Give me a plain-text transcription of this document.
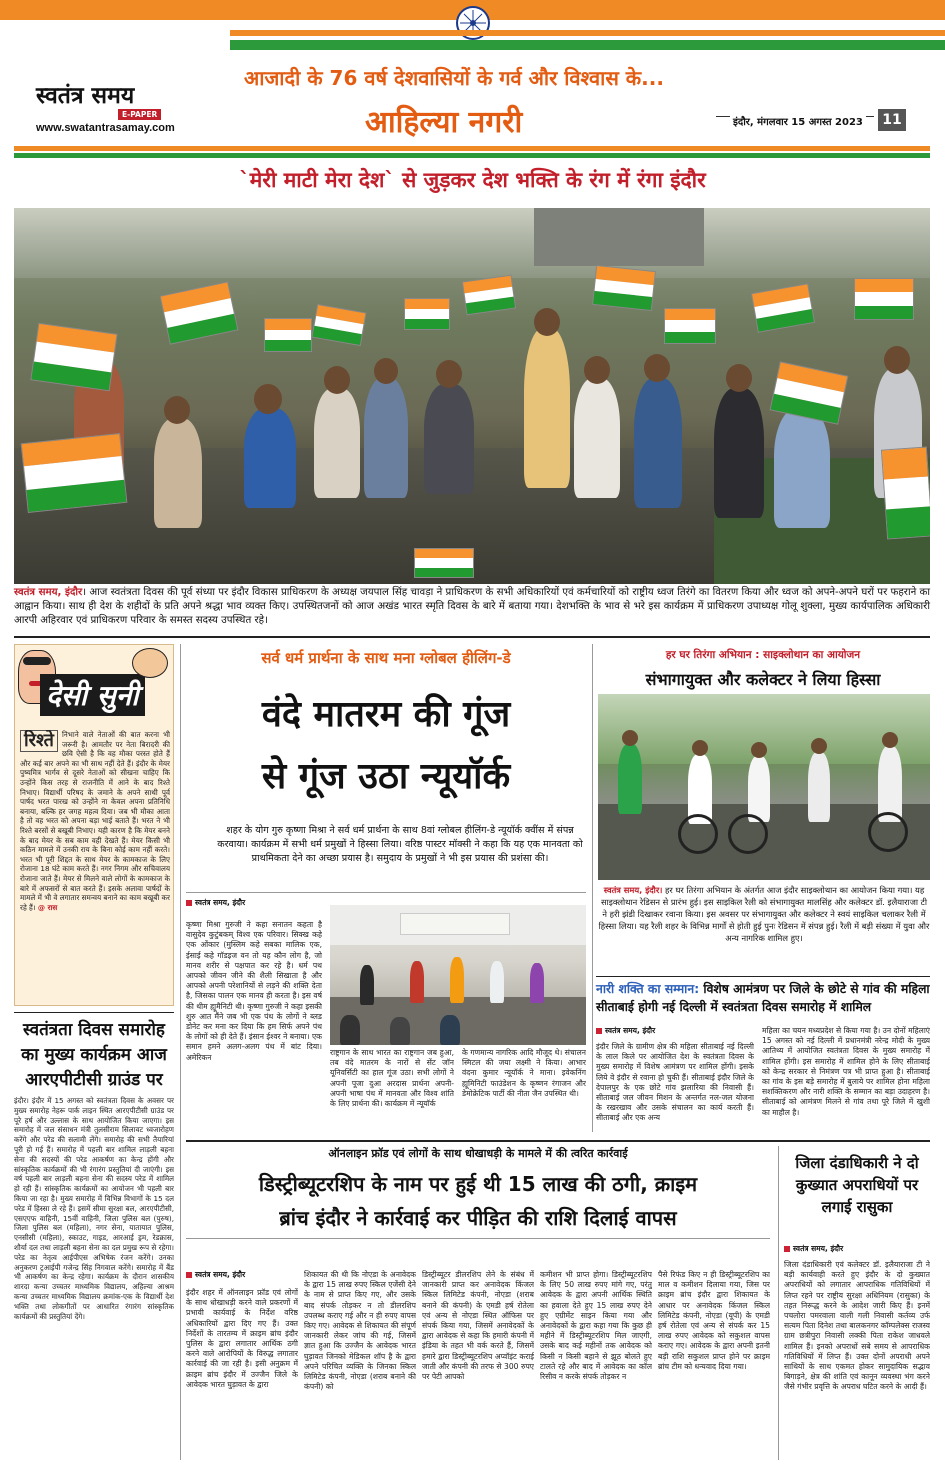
स्वतंत्र समय
E-PAPER
www.swatantrasamay.com
आजादी के 76 वर्ष देशवासियों के गर्व और विश्वास के...
आहिल्या नगरी	इंदौर, मंगलवार 15 अगस्त 2023	11
`मेरी माटी मेरा देश` से जुड़कर देश भक्ति के रंग में रंगा इंदौर
स्वतंत्र समय, इंदौर। आज स्वतंत्रता दिवस की पूर्व संध्या पर इंदौर विकास प्राधिकरण के अध्यक्ष जयपाल सिंह चावड़ा ने प्राधिकरण के सभी अधिकारियों एवं कर्मचारियों को राष्ट्रीय ध्वज तिरंगे का वितरण किया और ध्वज को अपने-अपने घरों पर फहराने का आह्वान किया। साथ ही देश के शहीदों के प्रति अपने श्रद्धा भाव व्यक्त किए। उपस्थितजनों को आज अखंड भारत स्मृति दिवस के बारे में बताया गया। देशभक्ति के भाव से भरे इस कार्यक्रम में प्राधिकरण उपाध्यक्ष गोलू शुक्ला, मुख्य कार्यपालिक अधिकारी आरपी अहिरवार एवं प्राधिकरण परिवार के समस्त सदस्य उपस्थित रहे।
देसी सुनी
रिश्ते	निभाने वाले नेताओं की बात करना भी जरूरी है। आमतौर पर नेता बिरादरी की छवि ऐसी है कि वह मौका परस्त होते हैं और कई बार अपने का भी साथ नहीं देते हैं। इंदौर के मेयर पुष्यमित्र भार्गव से दूसरे नेताओं को सीखना चाहिए कि उन्होंने किस तरह से राजनीति में आने के बाद रिश्ते निभाए। विद्यार्थी परिषद के जमाने के अपने साथी पूर्व पार्षद भरत पारख को उन्होंने ना केवल अपना प्रतिनिधि बनाया, बल्कि हर जगह महत्व दिया। जब भी मौका आता है तो वह भरत को अपना बड़ा भाई बताते हैं। भरत ने भी रिश्ते बरसों से बखूबी निभाए। यही कारण है कि मेयर बनने के बाद मेयर के सब काम वही देखते हैं। मेयर किसी भी कठिन मामले में उनकी राय के बिना कोई काम नहीं करते। भरत भी पूरी शिद्दत के साथ मेयर के कामकाज के लिए रोजाना 18 घंटे काम करते हैं। नगर निगम और सचिवालय रोजाना जाते हैं। मेयर से मिलने वाले लोगों के कामकाज के बारे में अफसरों से बात करते हैं। इसके अलावा पार्षदों के मामले में भी वे लगातार समन्वय बनाने का काम बखूबी कर रहे हैं। @ रास
स्वतंत्रता दिवस समारोह का मुख्य कार्यक्रम आज आरएपीटीसी ग्राउंड पर
इंदौर। इंदौर में 15 अगस्त को स्वतंत्रता दिवस के अवसर पर मुख्य समारोह नेहरू पार्क लाइन स्थित आरएपीटीसी ग्राउंड पर पूरे हर्ष और उल्लास के साथ आयोजित किया जाएगा। इस समारोह में जल संसाधन मंत्री तुलसीराम सिलावट ध्वजारोहण करेंगे और परेड की सलामी लेंगे। समारोह की सभी तैयारियां पूरी हो गई हैं। समारोह में पहली बार शामिल लाड़ली बहना सेना की सदस्यों की परेड आकर्षण का केन्द्र होंगी और सांस्कृतिक कार्यक्रमों की भी रंगारंग प्रस्तुतियां दी जाएंगी। इस वर्ष पहली बार लाड़ली बहना सेना की सदस्य परेड में शामिल हो रही हैं। सांस्कृतिक कार्यक्रमों का आयोजन भी पहली बार किया जा रहा है। मुख्य समारोह में विभिन्न विभागों के 15 दल परेड में हिस्सा ले रहे हैं। इसमें सीमा सुरक्षा बल, आरएपीटीसी, एसएएफ वाहिनी, 15वीं वाहिनी, जिला पुलिस बल (पुरुष), जिला पुलिस बल (महिला), नगर सेना, यातायात पुलिस, एनसीसी (महिला), स्काउट, गाइड, आरआई ड्रम, रेडक्रास, शौर्या दल तथा लाड़ली बहना सेना का दल प्रमुख रूप से रहेगा। परेड का नेतृत्व आईपीएस अभिषेक रंजन करेंगे। उनका अनुकरण ट्रआईपी गजेन्द्र सिंह निगवाल करेंगे। समारोह में बैंड भी आकर्षण का केन्द्र रहेगा। कार्यक्रम के दौरान शासकीय शारदा कन्या उच्चतर माध्यमिक विद्यालय, अहिल्या आश्रम कन्या उच्चतर माध्यमिक विद्यालय क्रमांक-एक के विद्यार्थी देश भक्ति तथा लोकगीतों पर आधारित रंगारंग सांस्कृतिक कार्यक्रमों की प्रस्तुतियां देंगे।
सर्व धर्म प्रार्थना के साथ मना ग्लोबल हीलिंग-डे
वंदे मातरम की गूंज
से गूंज उठा न्यूयॉर्क
शहर के योग गुरु कृष्णा मिश्रा ने सर्व धर्म प्रार्थना के साथ 8वां ग्लोबल हीलिंग-डे न्यूयॉर्क क्वींस में संपन्न करवाया। कार्यक्रम में सभी धर्म प्रमुखों ने हिस्सा लिया। वरिष्ठ पास्टर मॉक्सी ने कहा कि यह एक मानवता को प्राथमिकता देने का अच्छा प्रयास है। समुदाय के प्रमुखों ने भी इस प्रयास की प्रशंसा की।
स्वतंत्र समय, इंदौर
कृष्णा मिश्रा गुरुजी ने कहा सनातन कहता है वासुदेव कुटुंबकम् विश्व एक परिवार। सिक्ख कहे एक ओंकार (मुस्लिम कहे सबका मालिक एक, ईसाई कहे गॉडइज वन तो यह कौन लोग है, जो मानव शरीर से पक्षपात कर रहे है। धर्म पथ आपको जीवन जीने की शैली सिखाता है और आपको अपनी परेशानियों से लड़ने की शक्ति देता है, जिसका पालन एक मानव ही करता है। इस वर्ष की थीम ह्यूमैनिटी थी। कृष्णा गुरुजी ने कहा इसकी शुरु आत मैंने जब भी एक पंथ के लोगों ने ब्लड डोनेट कर मना कर दिया कि हम सिर्फ अपने पंथ के लोगों को ही देते हैं। इंसान ईश्वर ने बनाया। एक समान हमने अलग-अलग पंथ में बांट दिया। अमेरिकन
राष्ट्रगान के साथ भारत का राष्ट्रगान जब हुआ, तब वंदे मातरम के नारों से सेंट जॉन यूनिवर्सिटी का हाल गूंज उठा। सभी लोगों ने अपनी पूजा दुआ अरदास प्रार्थना अपनी-अपनी भाषा पंथ में मानवता और विश्व शांति के लिए प्रार्थना की। कार्यक्रम में न्यूयॉर्क
के गणमान्य नागरिक आदि मौजूद थे। संचालन स्मिटल की जया लक्ष्मी ने किया। आभार वंदना कुमार न्यूयॉर्क ने माना। इवेकनिंग ह्यूमिनिटी फाउंडेशन के कृष्णन रंगाजन और डेमोक्रेटिक पार्टी की नीता जैन उपस्थित थी।
हर घर तिरंगा अभियान : साइक्लोथान का आयोजन
संभागायुक्त और कलेक्टर ने लिया हिस्सा
स्वतंत्र समय, इंदौर। हर घर तिरंगा अभियान के अंतर्गत आज इंदौर साइक्लोथान का आयोजन किया गया। यह साइक्लोथान रेडिसन से प्रारंभ हुई। इस साइकिल रैली को संभागायुक्त मालसिंह और कलेक्टर डॉ. इलैयाराजा टी ने हरी झंडी दिखाकर रवाना किया। इस अवसर पर संभागायुक्त और कलेक्टर ने स्वयं साइकिल चलाकर रैली में हिस्सा लिया। यह रैली शहर के विभिन्न मार्गों से होती हुई पुनः रेडिसन में संपन्न हुई। रैली में बड़ी संख्या में युवा और अन्य नागरिक शामिल हुए।
नारी शक्ति का सम्मान: विशेष आमंत्रण पर जिले के छोटे से गांव की महिला सीताबाई होगी नई दिल्ली में स्वतंत्रता दिवस समारोह में शामिल
स्वतंत्र समय, इंदौर
इंदौर जिले के ग्रामीण क्षेत्र की महिला सीताबाई नई दिल्ली के लाल किले पर आयोजित देश के स्वतंत्रता दिवस के मुख्य समारोह में विशेष आमंत्रण पर शामिल होंगी। इसके लिये वे इंदौर से रवाना हो चुकी हैं। सीताबाई इंदौर जिले के देपालपुर के एक छोटे गांव झलारिया की निवासी हैं। सीताबाई जल जीवन मिशन के अन्तर्गत नल-जल योजना के रखरखाव और उसके संचालन का कार्य करती हैं। सीताबाई और एक अन्य
महिला का चयन मध्यप्रदेश से किया गया है। उन दोनों महिलाएं 15 अगस्त को नई दिल्ली में प्रधानमंत्री नरेन्द्र मोदी के मुख्य आतिथ्य में आयोजित स्वतंत्रता दिवस के मुख्य समारोह में शामिल होंगी। इस समारोह में शामिल होने के लिए सीताबाई को केन्द्र सरकार से निमंत्रण पत्र भी प्राप्त हुआ है। सीताबाई का गांव के इस बड़े समारोह में बुलाये पर शामिल होना महिला सशक्तिकरण और नारी शक्ति के सम्मान का बड़ा उदाहरण है। सीताबाई को आमंत्रण मिलने से गांव तथा पूरे जिले में खुशी का माहौल है।
ऑनलाइन फ्रॉड एवं लोगों के साथ धोखाधड़ी के मामले में की त्वरित कार्रवाई
डिस्ट्रीब्यूटरशिप के नाम पर हुई थी 15 लाख की ठगी, क्राइम
ब्रांच इंदौर ने कार्रवाई कर पीड़ित की राशि दिलाई वापस
स्वतंत्र समय, इंदौर
इंदौर शहर में ऑनलाइन फ्रॉड एवं लोगों के साथ धोखाधड़ी करने वाले प्रकरणों में प्रभावी कार्यवाई के निर्देश वरिष्ठ अधिकारियों द्वारा दिए गए हैं। उक्त निर्देशों के तारतम्य में क्राइम ब्रांच इंदौर पुलिस के द्वारा लगातार आर्थिक ठगी करने वाले आरोपियों के विरुद्ध लगातार कार्रवाई की जा रही है। इसी अनुक्रम में क्राइम ब्रांच इंदौर में उज्जैन जिले के आवेदक भारत घुड़ावत के द्वारा
शिकायत की थी कि नोएडा के अनावेदक के द्वारा 15 लाख रुपए स्किल एजेंसी देने के नाम से प्राप्त किए गए, और उसके बाद संपर्क तोड़कर न तो डीलरशिप उपलब्ध कराए गई और न ही रुपए वापस किए गए। आवेदक से शिकायत की संपूर्ण जानकारी लेकर जांच की गई, जिसमें ज्ञात हुआ कि उज्जैन के आवेदक भारत घुड़ावत जिनको मेडिकल शॉप है के द्वारा अपने परिचित व्यक्ति के जिनका स्किल लिमिटेड कंपनी, नोएडा (शराब बनाने की कंपनी) को
डिस्ट्रीब्यूटर डीलरशिप लेने के संबंध में जानकारी प्राप्त कर अनावेदक किंजल स्किल लिमिटेड कंपनी, नोएडा (शराब बनाने की कंपनी) के एमडी हर्ष रोतेला एवं अन्य से नोएडा स्थित ऑफिस पर संपर्क किया गया, जिसमें अनावेदकों के द्वारा आवेदक से कहा कि हमारी कंपनी में इंडिया के तहत भी वर्क करते हैं, जिसमें हमारे द्वारा डिस्ट्रीब्यूटरशिप अप्वॉइंट कराई जाती और कंपनी की तरफ से 300 रुपए पर पेटी आपको
कमीशन भी प्राप्त होगा। डिस्ट्रीब्यूटरशिप के लिए 50 लाख रुपए मांगे गए, परंतु आवेदक के द्वारा अपनी आर्थिक स्थिति का हवाला देते हुए 15 लाख रुपए देने हुए एग्रीमेंट साइन किया गया और अनावेदकों के द्वारा कहा गया कि कुछ ही महीने में डिस्ट्रीब्यूटरशिप मिल जाएगी, उसके बाद कई महीनों तक आवेदक को किसी न किसी बहाने से झूठ बोलते हुए टालते रहे और बाद में आवेदक का कॉल रिसीव न करके संपर्क तोड़कर न
पैसे रिफंड किए न ही डिस्ट्रीब्यूटरशिप का माल व कमीशन दिलाया गया, जिस पर क्राइम ब्रांच इंदौर द्वारा शिकायत के आधार पर अनावेदक किंजल स्किल लिमिटेड कंपनी, नोएडा (यूपी) के एमडी हर्ष रोतेला एवं अन्य से संपर्क कर 15 लाख रुपए आवेदक को सकुशल वापस कराए गए। आवेदक के द्वारा अपनी इतनी बड़ी राशि सकुशल प्राप्त होने पर क्राइम ब्रांच टीम को धन्यवाद दिया गया।
जिला दंडाधिकारी ने दो कुख्यात अपराधियों पर लगाई रासुका
स्वतंत्र समय, इंदौर
जिला दंडाधिकारी एवं कलेक्टर डॉ. इलैयाराजा टी ने बड़ी कार्यवाही करते हुए इंदौर के दो कुख्यात अपराधियों को लगातार आपराधिक गतिविधियों में लिप्त रहने पर राष्ट्रीय सुरक्षा अधिनियम (रासुका) के तहत निरूद्ध करने के आदेश जारी किए हैं। इनमें पचलोरा पमरवाला वाली गली निवासी कर्तव्य उर्फ सत्यम पिता दिनेश तथा बालकनगर कॉम्पलेक्स राजस्व ग्राम छत्रीपुरा निवासी लक्की पिता राकेश जाधवले शामिल हैं। इनको अपराधों सबे समय से आपराधिक गतिविधियों में लिप्त हैं। उक्त दोनों अपराधी अपने साथियों के साथ एकमत होकर सामुदायिक सद्भाव बिगाड़ने, क्षेत्र की शांति एवं कानून व्यवस्था भंग करने जैसे गंभीर प्रवृत्ति के अपराध घटित करने के आदी हैं।
